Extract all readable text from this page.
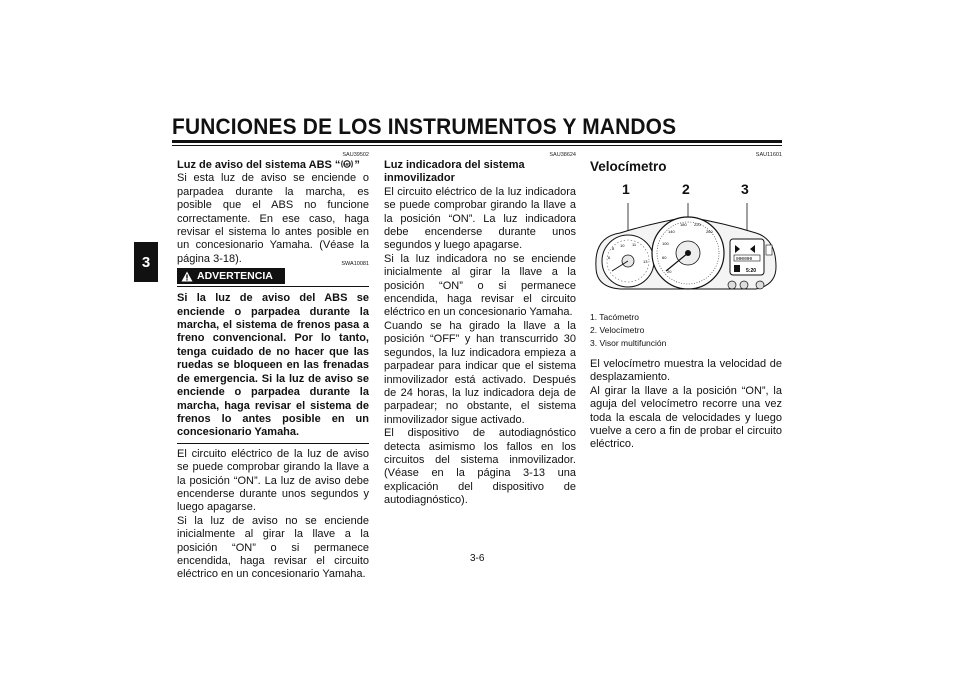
FUNCIONES DE LOS INSTRUMENTOS Y MANDOS
3
SAU39502

Luz de aviso del sistema ABS “ ABS ”

Si esta luz de aviso se enciende o parpadea durante la marcha, es posible que el ABS no funcione correctamente. En ese caso, haga revisar el sistema lo antes posible en un concesionario Yamaha. (Véase la página 3-18).

ADVERTENCIA
SWA10081

Si la luz de aviso del ABS se enciende o parpadea durante la marcha, el sistema de frenos pasa a freno convencional. Por lo tanto, tenga cuidado de no hacer que las ruedas se bloqueen en las frenadas de emergencia. Si la luz de aviso se enciende o parpadea durante la marcha, haga revisar el sistema de frenos lo antes posible en un concesionario Yamaha.

El circuito eléctrico de la luz de aviso se puede comprobar girando la llave a la posición “ON”. La luz de aviso debe encenderse durante unos segundos y luego apagarse.

Si la luz de aviso no se enciende inicialmente al girar la llave a la posición “ON” o si permanece encendida, haga revisar el circuito eléctrico en un concesionario Yamaha.

SAU38624

Luz indicadora del sistema inmovilizador

El circuito eléctrico de la luz indicadora se puede comprobar girando la llave a la posición “ON”. La luz indicadora debe encenderse durante unos segundos y luego apagarse.

Si la luz indicadora no se enciende inicialmente al girar la llave a la posición “ON” o si permanece encendida, haga revisar el circuito eléctrico en un concesionario Yamaha.

Cuando se ha girado la llave a la posición “OFF” y han transcurrido 30 segundos, la luz indicadora empieza a parpadear para indicar que el sistema inmovilizador está activado. Después de 24 horas, la luz indicadora deja de parpadear; no obstante, el sistema inmovilizador sigue activado.

El dispositivo de autodiagnóstico detecta asimismo los fallos en los circuitos del sistema inmovilizador. (Véase en la página 3-13 una explicación del dispositivo de autodiagnóstico).

SAU11601

Velocímetro

1	2	3
10 11
13
6
8
140
180 220
260
100
60
20
000000
5:20
1. Tacómetro
2. Velocímetro
3. Visor multifunción

El velocímetro muestra la velocidad de desplazamiento.

Al girar la llave a la posición “ON”, la aguja del velocímetro recorre una vez toda la escala de velocidades y luego vuelve a cero a fin de probar el circuito eléctrico.

3-6
